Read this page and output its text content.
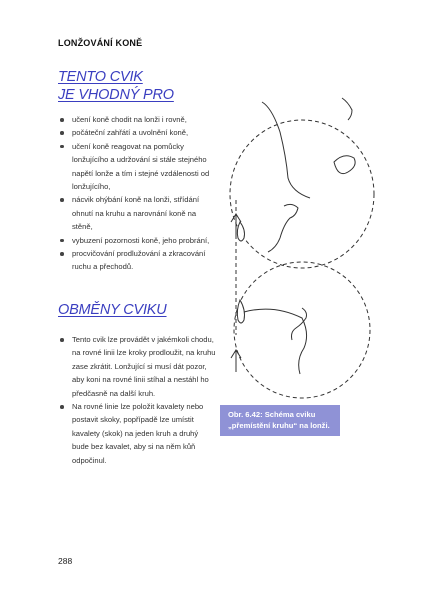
LONŽOVÁNÍ KONĚ
TENTO CVIK
JE VHODNÝ PRO
učení koně chodit na lonži i rovně,
počáteční zahřátí a uvolnění koně,
učení koně reagovat na pomůcky lonžujícího a udržování si stále stejného napětí lonže a tím i stejné vzdálenosti od lonžujícího,
nácvik ohýbání koně na lonži, střídání ohnutí na kruhu a narovnání koně na stěně,
vybuzení pozornosti koně, jeho probrání,
procvičování prodlužování a zkracování ruchu a přechodů.
OBMĚNY CVIKU
Tento cvik lze provádět v jakémkoli chodu, na rovné linii lze kroky prodloužit, na kruhu zase zkrátit. Lonžující si musí dát pozor, aby koni na rovné linii stíhal a nestáhl ho předčasně na další kruh.
Na rovné linie lze položit kavalety nebo postavit skoky, popřípadě lze umístit kavalety (skok) na jeden kruh a druhý bude bez kavalet, aby si na něm kůň odpočinul.
Obr. 6.42: Schéma cviku „přemístění kruhu“ na lonži.
288
